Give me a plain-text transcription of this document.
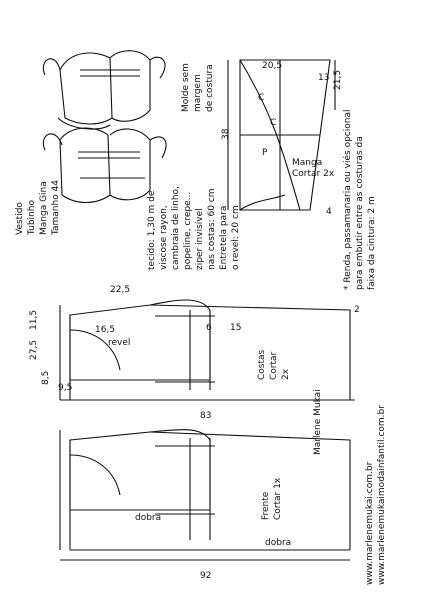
Vestido Tubinho Manga Gina Tamanho 44	tecido: 1,30 m de viscose rayon, cambraia de linho, popeline, crepe... ziper invisível nas costas: 60 cm Entretela para o revel: 20 cm
Molde sem margem de costura
* Renda, passamanaria ou viés opcional para embutir entre as costuras da faixa da cintura: 2 m
www.marlenemukai.com.br www.marlenemukaimodainfantil.com.br
Marlene Mukai
Costas Cortar 2x
Frente Cortar 1x
C
C
P
Manga
Cortar 2x
22,5
92
83
27,5
11,5
8,5
9,5
16,5
38
21,5
20,5
13
2
15
4
6
dobra
dobra
revel
